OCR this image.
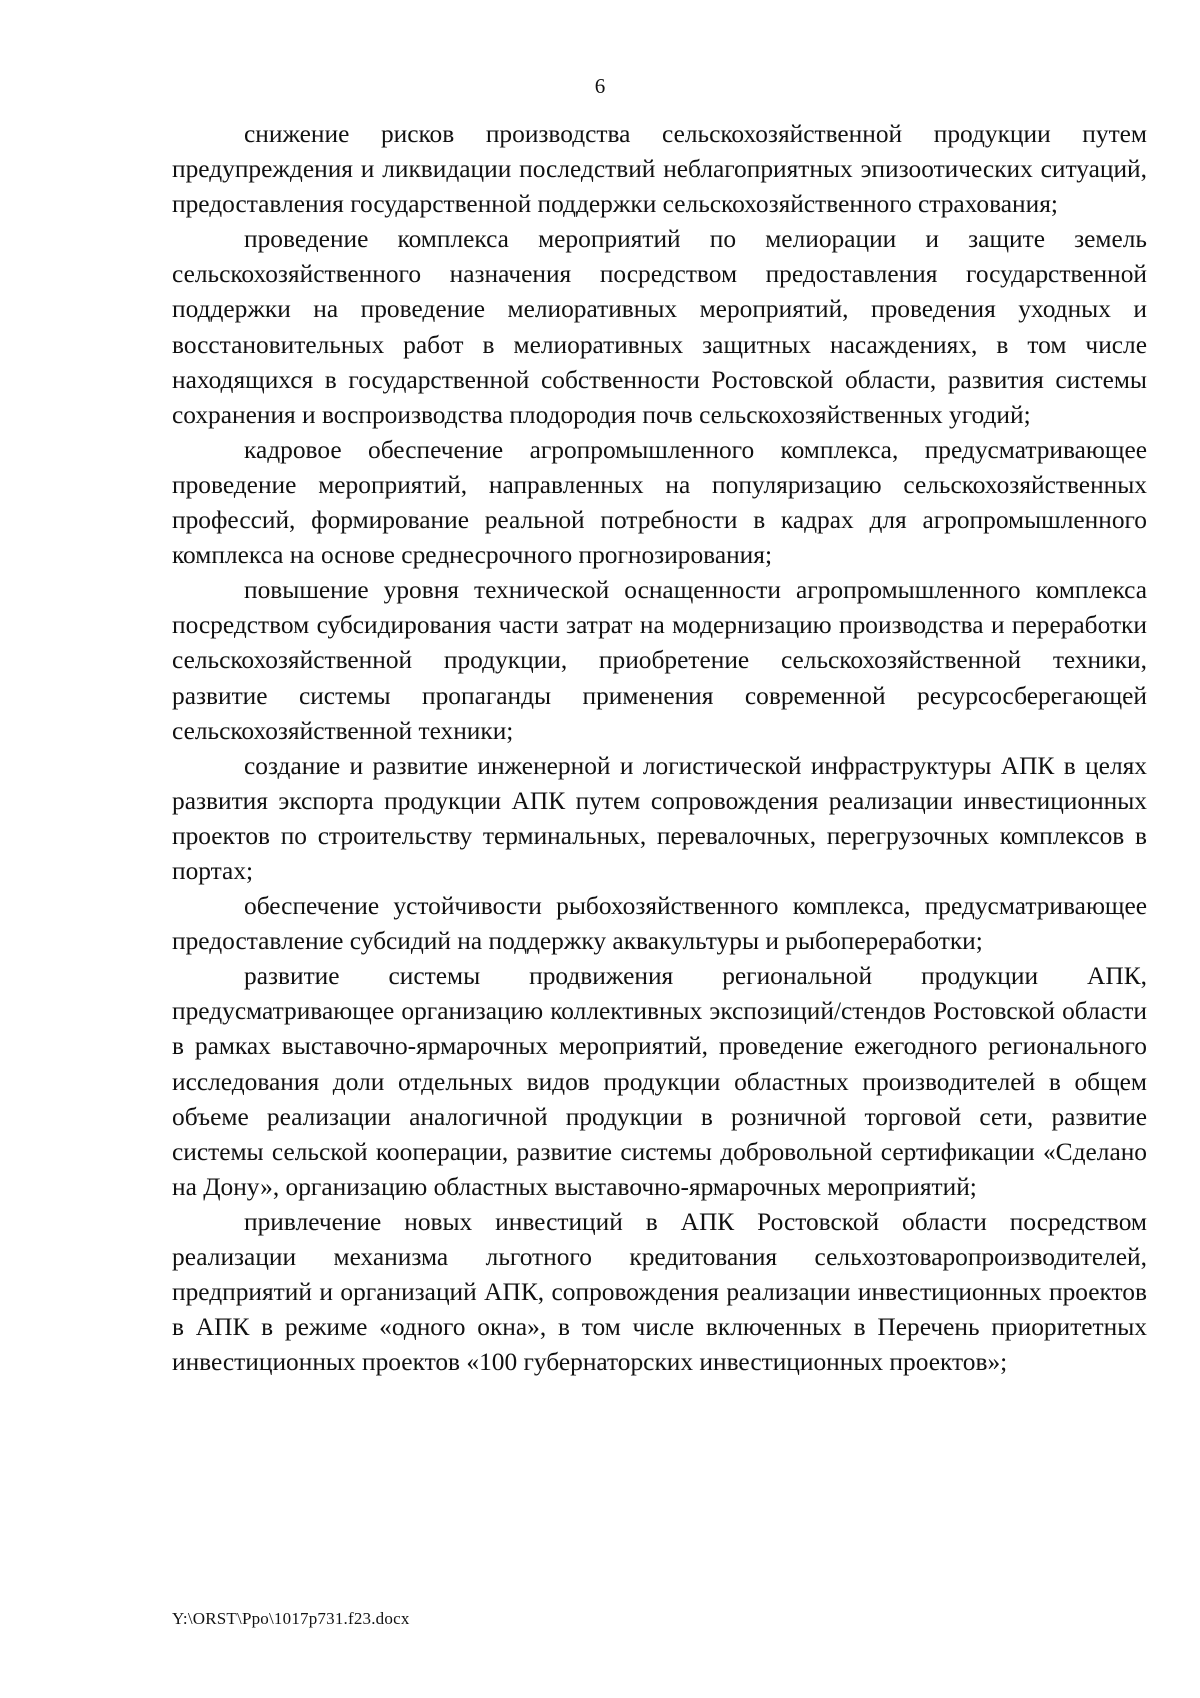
6

снижение рисков производства сельскохозяйственной продукции путем предупреждения и ликвидации последствий неблагоприятных эпизоотических ситуаций, предоставления государственной поддержки сельскохозяйственного страхования;

проведение комплекса мероприятий по мелиорации и защите земель сельскохозяйственного назначения посредством предоставления государственной поддержки на проведение мелиоративных мероприятий, проведения уходных и восстановительных работ в мелиоративных защитных насаждениях, в том числе находящихся в государственной собственности Ростовской области, развития системы сохранения и воспроизводства плодородия почв сельскохозяйственных угодий;

кадровое обеспечение агропромышленного комплекса, предусматривающее проведение мероприятий, направленных на популяризацию сельскохозяйственных профессий, формирование реальной потребности в кадрах для агропромышленного комплекса на основе среднесрочного прогнозирования;

повышение уровня технической оснащенности агропромышленного комплекса посредством субсидирования части затрат на модернизацию производства и переработки сельскохозяйственной продукции, приобретение сельскохозяйственной техники, развитие системы пропаганды применения современной ресурсосберегающей сельскохозяйственной техники;

создание и развитие инженерной и логистической инфраструктуры АПК в целях развития экспорта продукции АПК путем сопровождения реализации инвестиционных проектов по строительству терминальных, перевалочных, перегрузочных комплексов в портах;

обеспечение устойчивости рыбохозяйственного комплекса, предусматривающее предоставление субсидий на поддержку аквакультуры и рыбопереработки;

развитие системы продвижения региональной продукции АПК, предусматривающее организацию коллективных экспозиций/стендов Ростовской области в рамках выставочно-ярмарочных мероприятий, проведение ежегодного регионального исследования доли отдельных видов продукции областных производителей в общем объеме реализации аналогичной продукции в розничной торговой сети, развитие системы сельской кооперации, развитие системы добровольной сертификации «Сделано на Дону», организацию областных выставочно-ярмарочных мероприятий;

привлечение новых инвестиций в АПК Ростовской области посредством реализации механизма льготного кредитования сельхозтоваропроизводителей, предприятий и организаций АПК, сопровождения реализации инвестиционных проектов в АПК в режиме «одного окна», в том числе включенных в Перечень приоритетных инвестиционных проектов «100 губернаторских инвестиционных проектов»;

Y:\ORST\Ppo\1017p731.f23.docx
